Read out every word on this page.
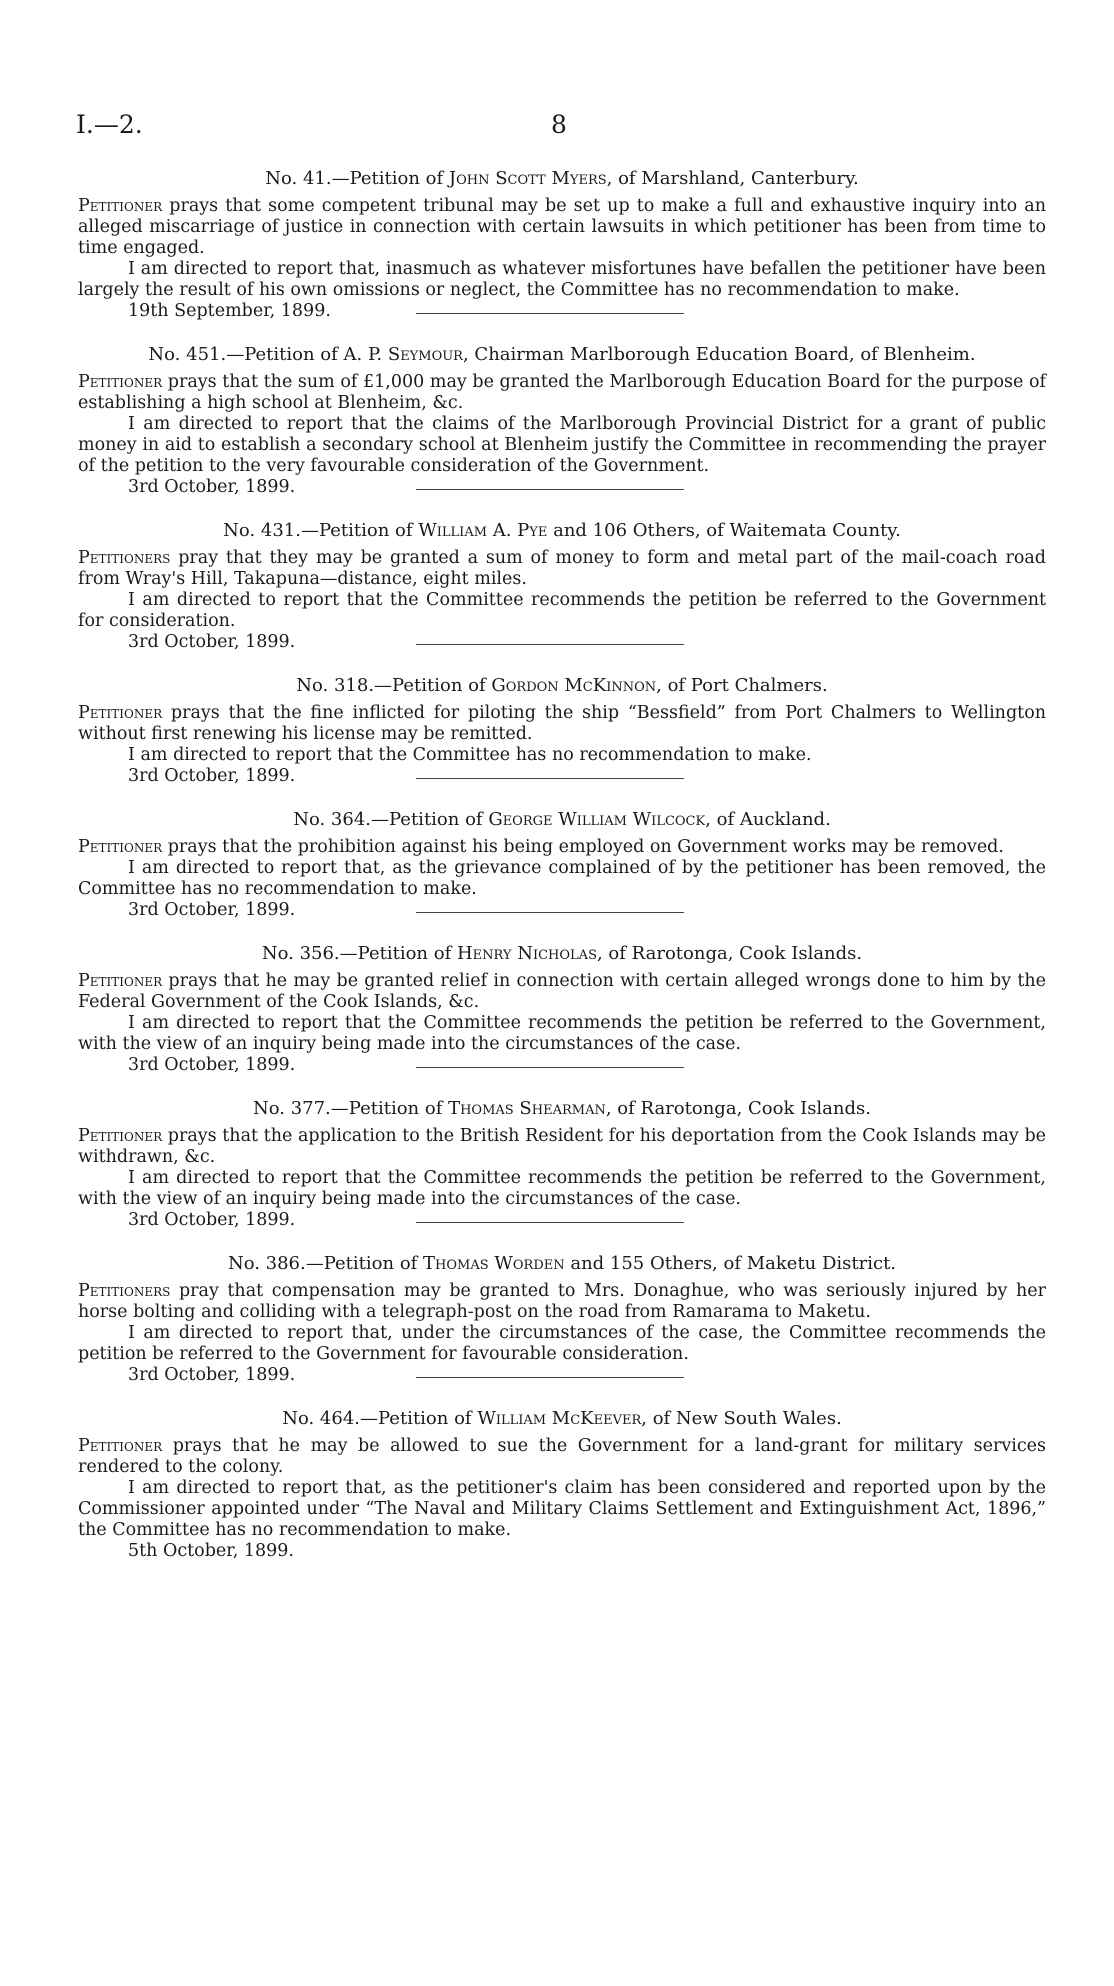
I.—2.	8

No. 41.—Petition of John Scott Myers, of Marshland, Canterbury.

Petitioner prays that some competent tribunal may be set up to make a full and exhaustive inquiry into an alleged miscarriage of justice in connection with certain lawsuits in which petitioner has been from time to time engaged.

I am directed to report that, inasmuch as whatever misfortunes have befallen the petitioner have been largely the result of his own omissions or neglect, the Committee has no recommendation to make.

19th September, 1899.

No. 451.—Petition of A. P. Seymour, Chairman Marlborough Education Board, of Blenheim.

Petitioner prays that the sum of £1,000 may be granted the Marlborough Education Board for the purpose of establishing a high school at Blenheim, &c.

I am directed to report that the claims of the Marlborough Provincial District for a grant of public money in aid to establish a secondary school at Blenheim justify the Committee in recommending the prayer of the petition to the very favourable consideration of the Government.

3rd October, 1899.

No. 431.—Petition of William A. Pye and 106 Others, of Waitemata County.

Petitioners pray that they may be granted a sum of money to form and metal part of the mail-coach road from Wray's Hill, Takapuna—distance, eight miles.

I am directed to report that the Committee recommends the petition be referred to the Government for consideration.

3rd October, 1899.

No. 318.—Petition of Gordon McKinnon, of Port Chalmers.

Petitioner prays that the fine inflicted for piloting the ship “Bessfield” from Port Chalmers to Wellington without first renewing his license may be remitted.

I am directed to report that the Committee has no recommendation to make.

3rd October, 1899.

No. 364.—Petition of George William Wilcock, of Auckland.

Petitioner prays that the prohibition against his being employed on Government works may be removed.

I am directed to report that, as the grievance complained of by the petitioner has been removed, the Committee has no recommendation to make.

3rd October, 1899.

No. 356.—Petition of Henry Nicholas, of Rarotonga, Cook Islands.

Petitioner prays that he may be granted relief in connection with certain alleged wrongs done to him by the Federal Government of the Cook Islands, &c.

I am directed to report that the Committee recommends the petition be referred to the Government, with the view of an inquiry being made into the circumstances of the case.

3rd October, 1899.

No. 377.—Petition of Thomas Shearman, of Rarotonga, Cook Islands.

Petitioner prays that the application to the British Resident for his deportation from the Cook Islands may be withdrawn, &c.

I am directed to report that the Committee recommends the petition be referred to the Government, with the view of an inquiry being made into the circumstances of the case.

3rd October, 1899.

No. 386.—Petition of Thomas Worden and 155 Others, of Maketu District.

Petitioners pray that compensation may be granted to Mrs. Donaghue, who was seriously injured by her horse bolting and colliding with a telegraph-post on the road from Ramarama to Maketu.

I am directed to report that, under the circumstances of the case, the Committee recommends the petition be referred to the Government for favourable consideration.

3rd October, 1899.

No. 464.—Petition of William McKeever, of New South Wales.

Petitioner prays that he may be allowed to sue the Government for a land-grant for military services rendered to the colony.

I am directed to report that, as the petitioner's claim has been considered and reported upon by the Commissioner appointed under “The Naval and Military Claims Settlement and Extinguishment Act, 1896,” the Committee has no recommendation to make.

5th October, 1899.
